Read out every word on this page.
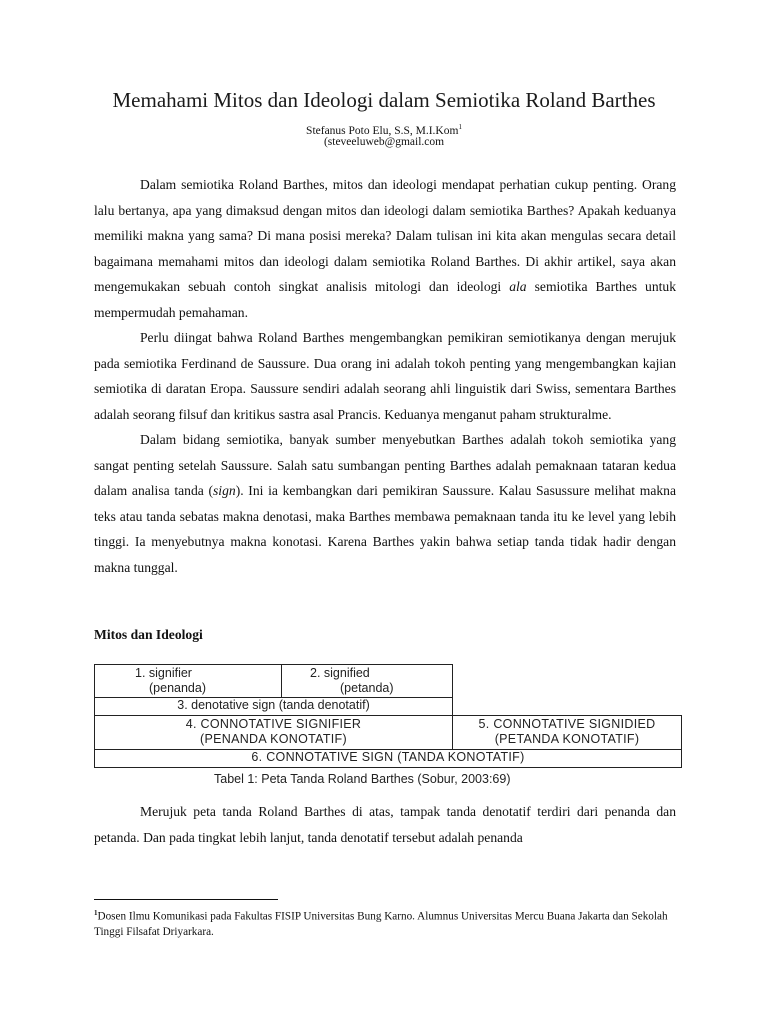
Memahami Mitos dan Ideologi dalam Semiotika Roland Barthes
Stefanus Poto Elu, S.S, M.I.Kom$^1$
(steveeluweb@gmail.com

Dalam semiotika Roland Barthes, mitos dan ideologi mendapat perhatian cukup penting. Orang lalu bertanya, apa yang dimaksud dengan mitos dan ideologi dalam semiotika Barthes? Apakah keduanya memiliki makna yang sama? Di mana posisi mereka? Dalam tulisan ini kita akan mengulas secara detail bagaimana memahami mitos dan ideologi dalam semiotika Roland Barthes. Di akhir artikel, saya akan mengemukakan sebuah contoh singkat analisis mitologi dan ideologi ala semiotika Barthes untuk mempermudah pemahaman.

Perlu diingat bahwa Roland Barthes mengembangkan pemikiran semiotikanya dengan merujuk pada semiotika Ferdinand de Saussure. Dua orang ini adalah tokoh penting yang mengembangkan kajian semiotika di daratan Eropa. Saussure sendiri adalah seorang ahli linguistik dari Swiss, sementara Barthes adalah seorang filsuf dan kritikus sastra asal Prancis. Keduanya menganut paham strukturalme.

Dalam bidang semiotika, banyak sumber menyebutkan Barthes adalah tokoh semiotika yang sangat penting setelah Saussure. Salah satu sumbangan penting Barthes adalah pemaknaan tataran kedua dalam analisa tanda (sign). Ini ia kembangkan dari pemikiran Saussure. Kalau Sasussure melihat makna teks atau tanda sebatas makna denotasi, maka Barthes membawa pemaknaan tanda itu ke level yang lebih tinggi. Ia menyebutnya makna konotasi. Karena Barthes yakin bahwa setiap tanda tidak hadir dengan makna tunggal.

Mitos dan Ideologi
1. signifier
(penanda)
2. signified
(petanda)
3. denotative sign (tanda denotatif)
4. CONNOTATIVE SIGNIFIER
(PENANDA KONOTATIF)
5. CONNOTATIVE SIGNIDIED
(PETANDA KONOTATIF)
6. CONNOTATIVE SIGN (TANDA KONOTATIF)
Tabel 1: Peta Tanda Roland Barthes (Sobur, 2003:69)

Merujuk peta tanda Roland Barthes di atas, tampak tanda denotatif terdiri dari penanda dan petanda. Dan pada tingkat lebih lanjut, tanda denotatif tersebut adalah penanda

$^1$Dosen Ilmu Komunikasi pada Fakultas FISIP Universitas Bung Karno. Alumnus Universitas Mercu Buana Jakarta dan Sekolah Tinggi Filsafat Driyarkara.
